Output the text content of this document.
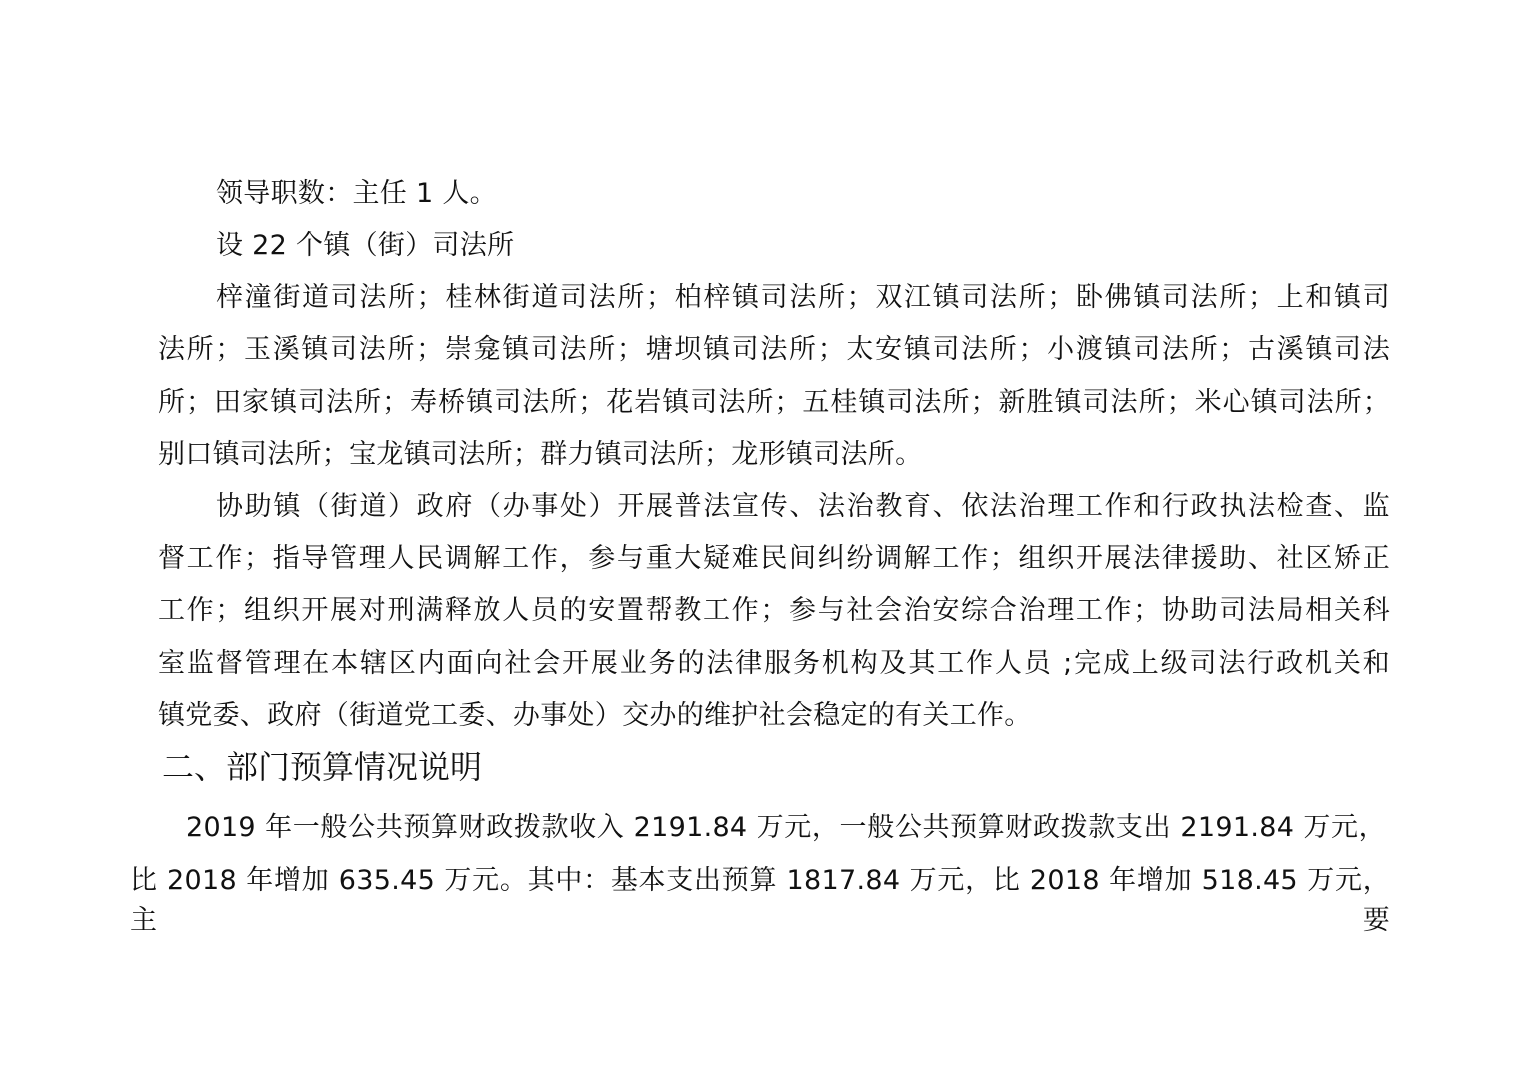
领导职数：主任 1 人。
设 22 个镇（街）司法所
梓潼街道司法所；桂林街道司法所；柏梓镇司法所；双江镇司法所；卧佛镇司法所；上和镇司
法所；玉溪镇司法所；崇龛镇司法所；塘坝镇司法所；太安镇司法所；小渡镇司法所；古溪镇司法
所；田家镇司法所；寿桥镇司法所；花岩镇司法所；五桂镇司法所；新胜镇司法所；米心镇司法所；
别口镇司法所；宝龙镇司法所；群力镇司法所；龙形镇司法所。
协助镇（街道）政府（办事处）开展普法宣传、法治教育、依法治理工作和行政执法检查、监
督工作；指导管理人民调解工作，参与重大疑难民间纠纷调解工作；组织开展法律援助、社区矫正
工作；组织开展对刑满释放人员的安置帮教工作；参与社会治安综合治理工作；协助司法局相关科
室监督管理在本辖区内面向社会开展业务的法律服务机构及其工作人员 ;完成上级司法行政机关和
镇党委、政府（街道党工委、办事处）交办的维护社会稳定的有关工作。
二、部门预算情况说明
2019 年一般公共预算财政拨款收入 2191.84 万元，一般公共预算财政拨款支出 2191.84 万元，
比 2018 年增加 635.45 万元。其中：基本支出预算 1817.84 万元，比 2018 年增加 518.45 万元，主要
